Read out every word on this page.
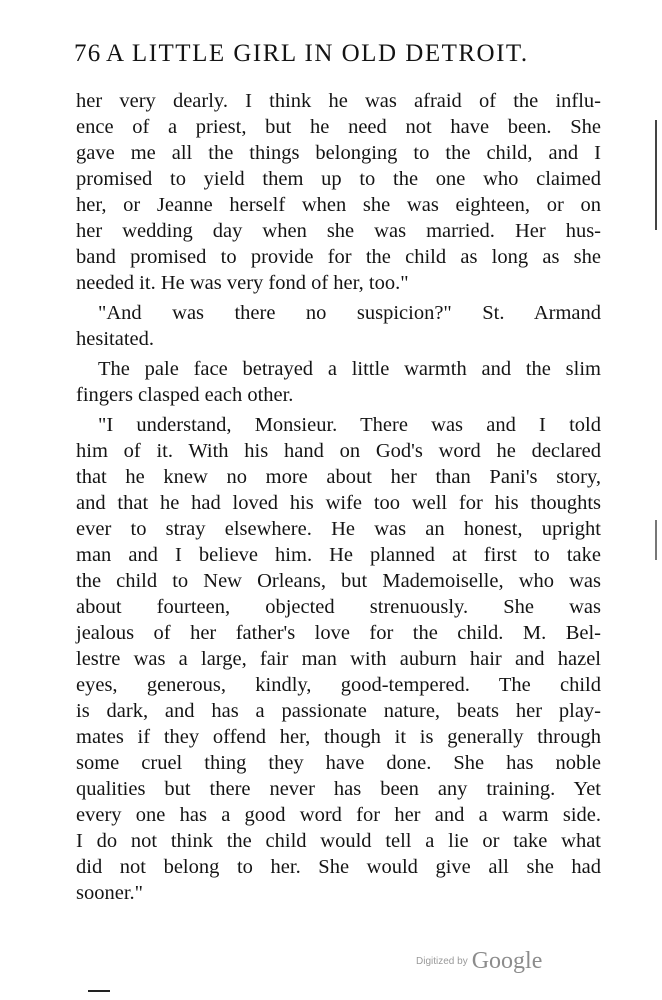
76 A LITTLE GIRL IN OLD DETROIT.
her very dearly. I think he was afraid of the influ-
ence of a priest, but he need not have been. She
gave me all the things belonging to the child, and I
promised to yield them up to the one who claimed
her, or Jeanne herself when she was eighteen, or on
her wedding day when she was married. Her hus-
band promised to provide for the child as long as she
needed it. He was very fond of her, too."
"And was there no suspicion?" St. Armand
hesitated.
The pale face betrayed a little warmth and the slim
fingers clasped each other.
"I understand, Monsieur. There was and I told
him of it. With his hand on God's word he declared
that he knew no more about her than Pani's story,
and that he had loved his wife too well for his thoughts
ever to stray elsewhere. He was an honest, upright
man and I believe him. He planned at first to take
the child to New Orleans, but Mademoiselle, who was
about fourteen, objected strenuously. She was
jealous of her father's love for the child. M. Bel-
lestre was a large, fair man with auburn hair and hazel
eyes, generous, kindly, good-tempered. The child
is dark, and has a passionate nature, beats her play-
mates if they offend her, though it is generally through
some cruel thing they have done. She has noble
qualities but there never has been any training. Yet
every one has a good word for her and a warm side.
I do not think the child would tell a lie or take what
did not belong to her. She would give all she had
sooner."
Digitized by Google
